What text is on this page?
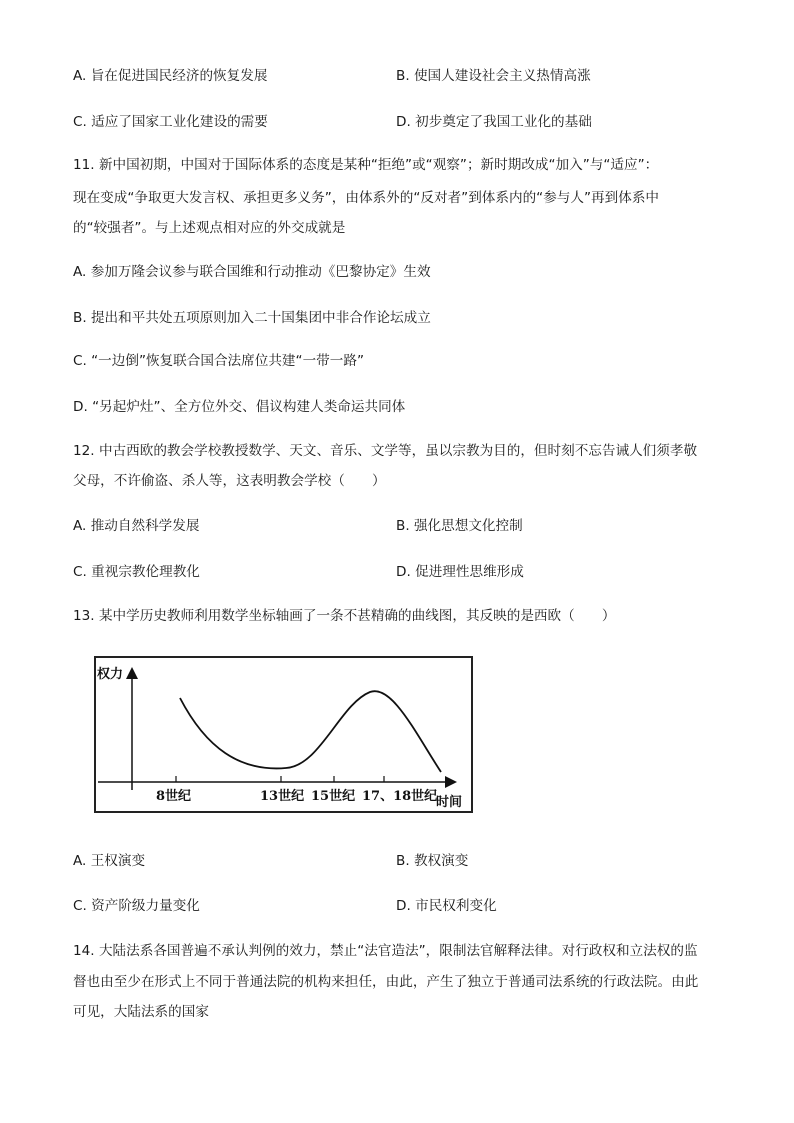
A. 旨在促进国民经济的恢复发展	B. 使国人建设社会主义热情高涨
C. 适应了国家工业化建设的需要	D. 初步奠定了我国工业化的基础
11. 新中国初期，中国对于国际体系的态度是某种“拒绝”或“观察”；新时期改成“加入”与“适应”：
现在变成“争取更大发言权、承担更多义务”，由体系外的“反对者”到体系内的“参与人”再到体系中
的“较强者”。与上述观点相对应的外交成就是
A. 参加万隆会议参与联合国维和行动推动《巴黎协定》生效
B. 提出和平共处五项原则加入二十国集团中非合作论坛成立
C. “一边倒”恢复联合国合法席位共建“一带一路”
D. “另起炉灶”、全方位外交、倡议构建人类命运共同体
12. 中古西欧的教会学校教授数学、天文、音乐、文学等，虽以宗教为目的，但时刻不忘告诫人们须孝敬
父母，不许偷盗、杀人等，这表明教会学校（　　）
A. 推动自然科学发展	B. 强化思想文化控制
C. 重视宗教伦理教化	D. 促进理性思维形成
13. 某中学历史教师利用数学坐标轴画了一条不甚精确的曲线图，其反映的是西欧（　　）
权力
时间
8世纪	13世纪 15世纪 17、18世纪
A. 王权演变	B. 教权演变
C. 资产阶级力量变化	D. 市民权利变化
14. 大陆法系各国普遍不承认判例的效力，禁止“法官造法”，限制法官解释法律。对行政权和立法权的监
督也由至少在形式上不同于普通法院的机构来担任，由此，产生了独立于普通司法系统的行政法院。由此
可见，大陆法系的国家
